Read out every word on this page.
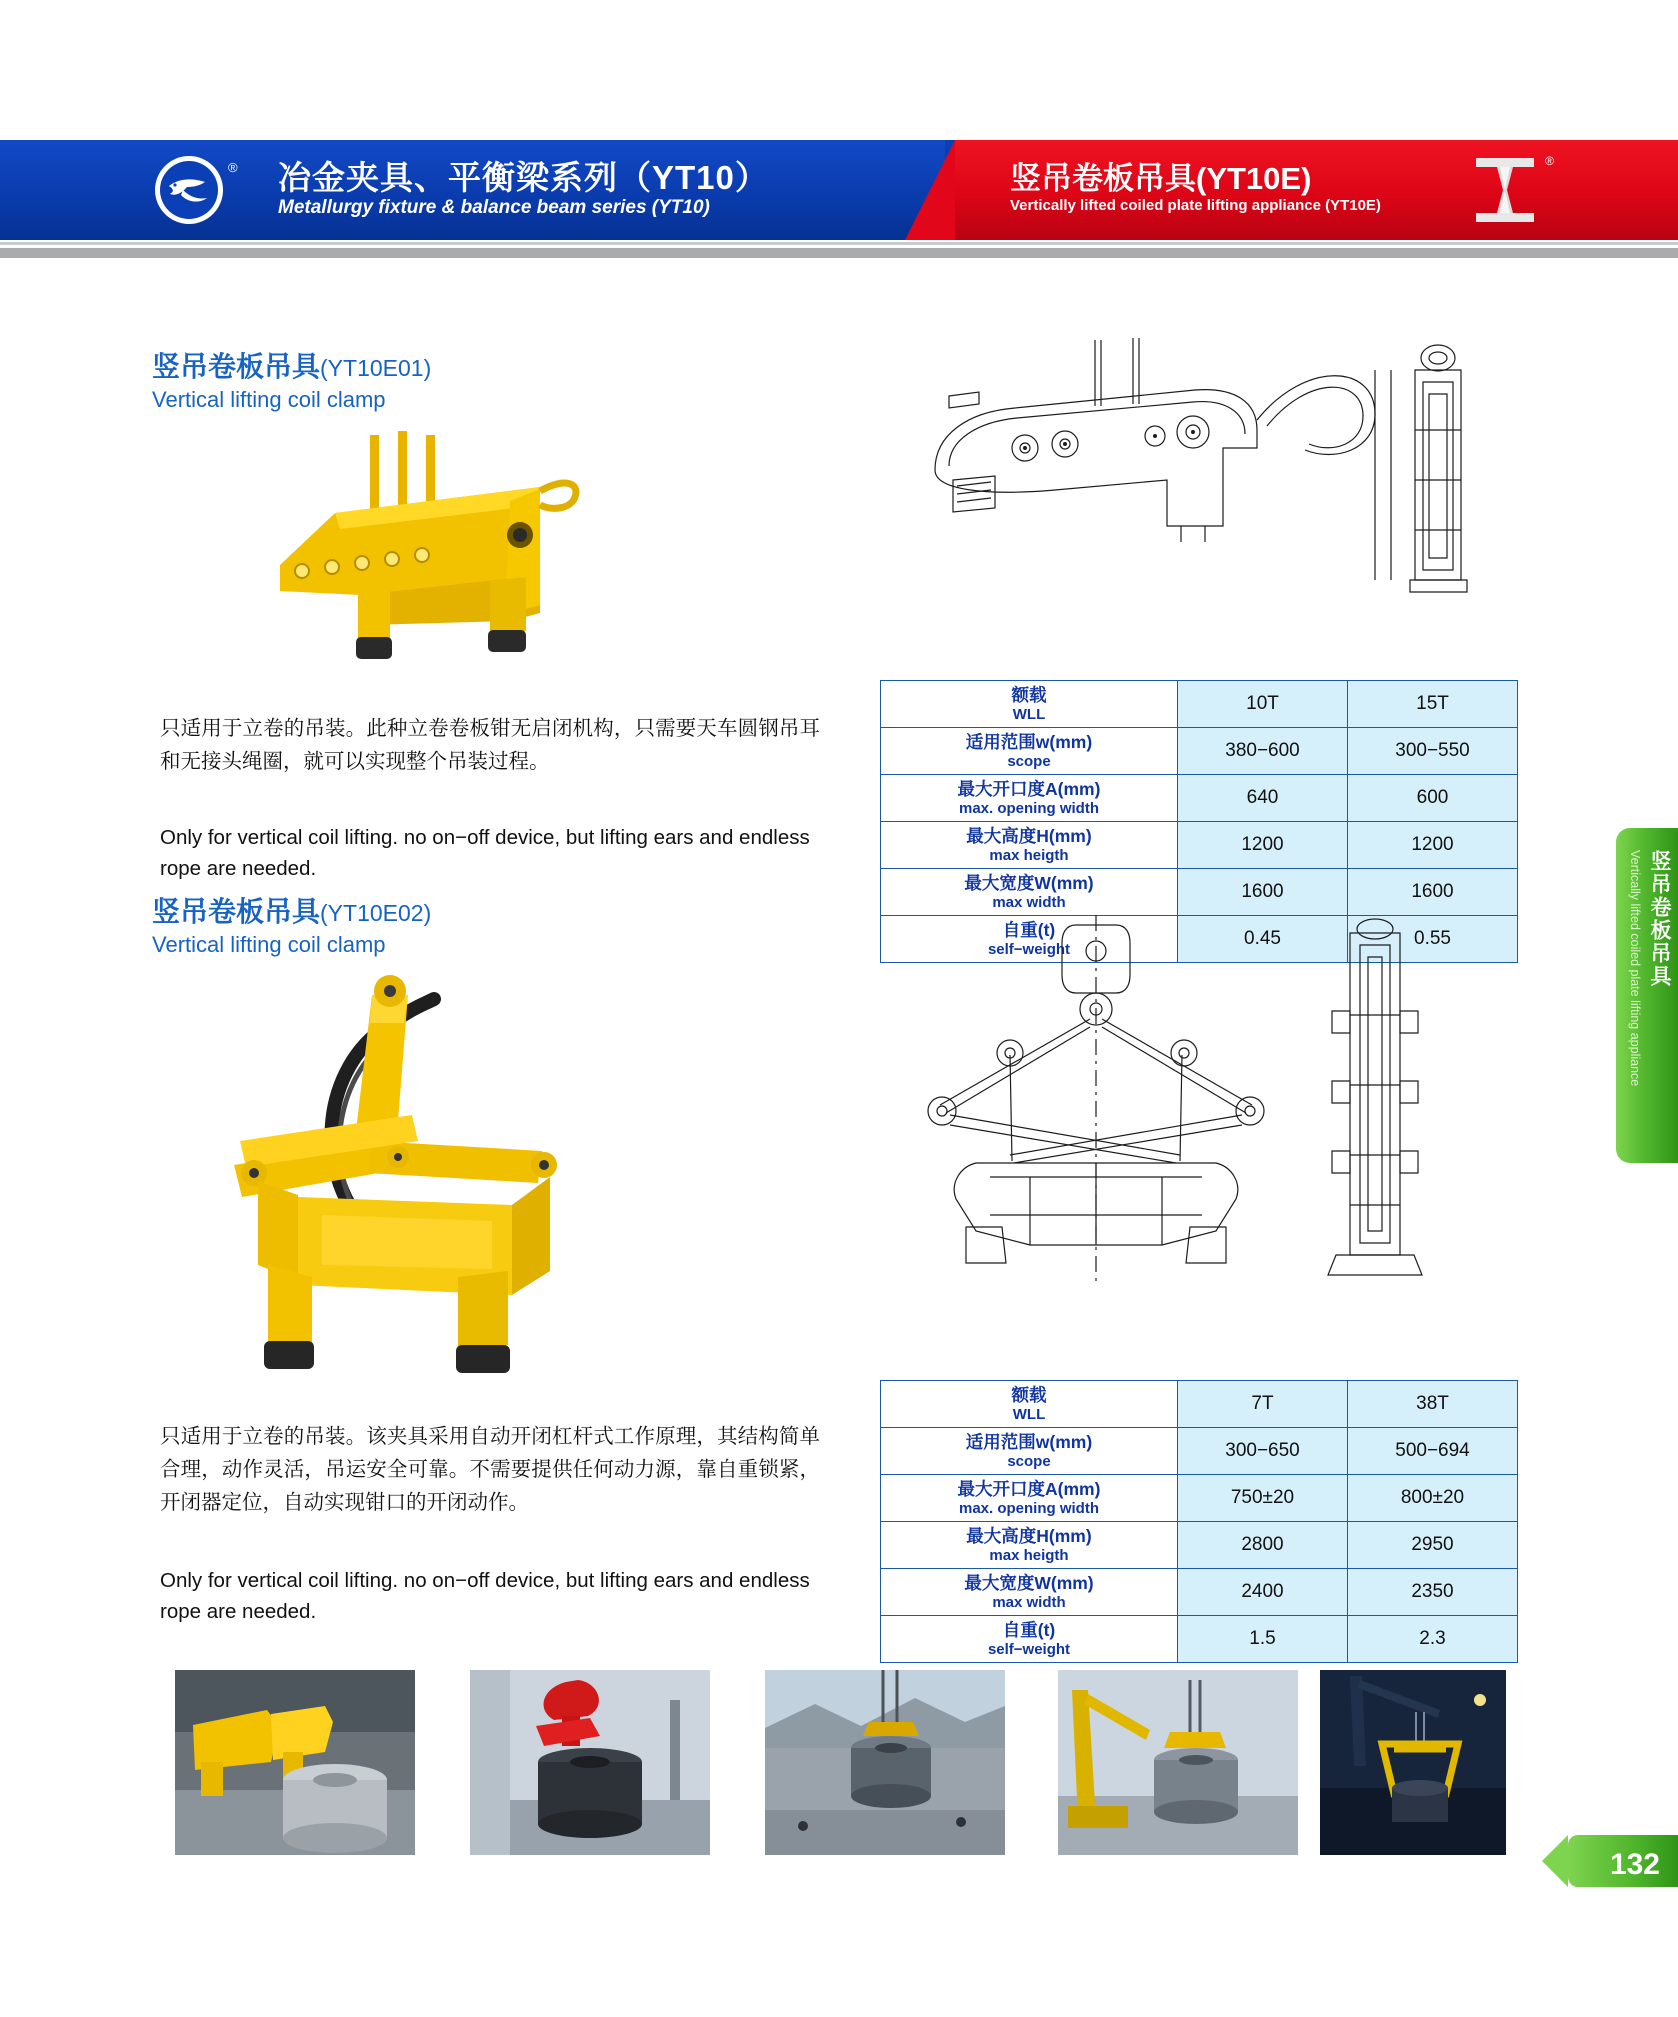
® 冶金夹具、平衡梁系列（YT10）
Metallurgy fixture & balance beam series (YT10)
竖吊卷板吊具(YT10E)
Vertically lifted coiled plate lifting appliance (YT10E)
®
竖吊卷板吊具(YT10E01)
Vertical lifting coil clamp
只适用于立卷的吊装。此种立卷卷板钳无启闭机构，只需要天车圆钢吊耳和无接头绳圈，就可以实现整个吊装过程。
Only for vertical coil lifting. no on−off device, but lifting ears and endless rope are needed.
额载
WLL	10T	15T

适用范围w(mm)
scope	380−600	300−550

最大开口度A(mm)
max. opening width	640	600

最大高度H(mm)
max heigth	1200	1200

最大宽度W(mm)
max width	1600	1600

自重(t)
self−weight	0.45	0.55
竖吊卷板吊具(YT10E02)
Vertical lifting coil clamp
只适用于立卷的吊装。该夹具采用自动开闭杠杆式工作原理，其结构简单合理，动作灵活，吊运安全可靠。不需要提供任何动力源，靠自重锁紧，开闭器定位，自动实现钳口的开闭动作。
Only for vertical coil lifting. no on−off device, but lifting ears and endless rope are needed.
额载
WLL	7T	38T

适用范围w(mm)
scope	300−650	500−694

最大开口度A(mm)
max. opening width	750±20	800±20

最大高度H(mm)
max heigth	2800	2950

最大宽度W(mm)
max width	2400	2350

自重(t)
self−weight	1.5	2.3
竖吊卷板吊具
Vertically lifted coiled plate lifting appliance
132
